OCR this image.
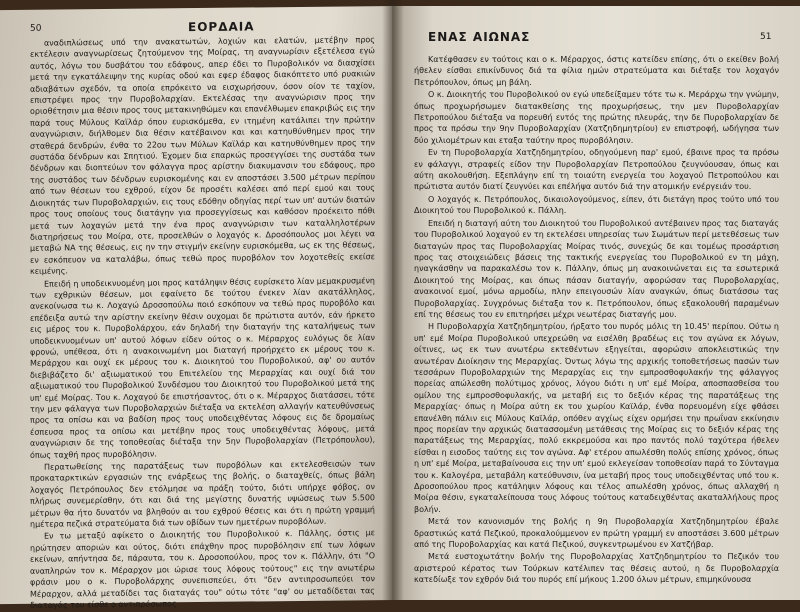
50	ΕΟΡΔΑΙΑ

αναδιπλώσεως υπό την ανακατωτών, λοχιών και ελατών, μετέβην προς εκτέλεσιν αναγνωρίσεως ζητούμενον της Μοίρας, τη αναγνωρίσιν εξετέλεσα εγώ αυτός, λόγω του δυσβάτου του εδάφους, απερ έδει το Πυροβολικόν να διασχίσει μετά την εγκατάλειψην της κυρίας οδού και εφερ έδαφος διακόπτετο υπό ρυακιών αδιαβάτων σχεδόν, τα οποία επρόκειτο να εισχωρήσουν, όσον οίον τε ταχίον, επιστρέψει προς την Πυροβολαρχίαν. Εκτελέσας την αναγνώρισιν προς την οριοθέτησιν μια θέσιν προς τους μετακινηθώμεν και επανέλθωμεν επακριβώς εις την παρά τους Μύλους Καϊλάρ όπου ευρισκόμεθα, εν ιτημένη κατάλιπει την πρώτην αναγνώρισιν, διήλθομεν δια θέσιν κατέβαινον και και κατηυθύνθημεν προς την σταθερά δενδρών, ένθα το 22ου των Μύλων Καϊλάρ και κατηυθύνθημεν προς την συστάδα δένδρων και Σπητιού. Έχομεν δια επαρκώς προσεγγίσει της συστάδα των δένδρων και διοπτεύων τον φάλαγγα προς αρίστην διακυμανσιν του εδάφους, προ της συστάδος των δένδρων ευρισκομένης και εν αποστάσει 3.500 μέτρων περίπου από των θέσεων του εχθρού, είχον δε προσέτι καλέσει από περί εμού και τους Διοικητάς των Πυροβολαρχιών, εις τους εδόθην οδηγίας περί των υπ' αυτών διατών προς τους οποίους τους διατάγην για προσεγγίσεως και καθόσον προέκειτο πόθι μετά των λοχαγών μετά την ένα προς αναγνώρισιν των καταλληλοτέρων διατηρήσεως του Μοίρα, οτε, προσελθών ο λοχαγός κ. Δροσόπουλος μοι λέγει να μεταβώ ΝΑ της θέσεως, εις ην την στιγμήν εκείνην ευρισκόμεθα, ως εκ της θέσεως, εν εσκόπευον να καταλάβω, όπως τεθώ προς πυροβόλον τον λοχοτεθείς εκείσε κειμένης.

Επειδή η υποδεικνυομένη μοι προς κατάληψιν θέσις ευρίσκετο λίαν μεμακρυσμένη των εχθρικών θέσεων, μοι εφαίνετο δε τούτου ένεκεν λίαν ακατάλληλος, ανεκοίνωσα τω κ. Λοχαγώ Δροσοπούλω ποιό εσκόπουν να τεθώ προς πυροβόλο και επέδειξα αυτώ την αρίστην εκείνην θέσιν ουχομαι δε πρώτιστα αυτόν, εάν ήρκετο εις μέρος του κ. Πυροβολάρχου, εάν δηλαδή την διαταγήν της καταλήψεως των υποδεικνυομένων υπ' αυτού λόφων είδεν ούτος ο κ. Μέραρχος ευλόγως δε λίαν φρονώ, υπέθεσα, ότι η ανακοινωμένη μοι διαταγή προήρχετο εκ μέρους του κ. Μεράρχου και ουχί εκ μέρους του κ. Διοικητού του Πυροβολικού, αφ' ου αυτόν διεβιβάζετο δι' αξιωματικού του Επιτελείου της Μεραρχίας και ουχί διά του αξιωματικού του Πυροβολικού Συνδέσμου του Διοικητού του Πυροβολικού μετά της υπ' εμέ Μοίρας. Του κ. Λοχαγού δε επιστήσαντος, ότι ο κ. Μέραρχος διατάσσει, τότε την μεν φάλαγγα των Πυροβολαρχιών διέταξα να εκτελέση αλλαγήν κατευθύνσεως προς τα οπίσω και να βαδίση προς τους υποδειχθέντας λόφους εις δε δρομαίως έσπευσα προς τα οπίσω και μετέβην προς τους υποδειχθέντας λόφους, μετά αναγνώρισιν δε της τοποθεσίας διέταξα την 5ην Πυροβολαρχίαν (Πετρόπουλου), όπως ταχθή προς πυροβόλησιν.

Περατωθείσης της παρατάξεως των πυροβόλων και εκτελεσθεισών των προκαταρκτικών εργασιών της ενάρξεως της βολής, ο διαταχθείς, όπως βάλη λοχαγός Πετρόπουλος δεν ετόλμησε να πράξη τούτο, διότι υπήρχε φόβος, ον πλήρως συνεμερίσθην, ότι και διά της μεγίστης δυνατής υψώσεως των 5.500 μέτρων θα ήτο δυνατόν να βληθούν αι του εχθρού θέσεις και ότι η πρώτη γραμμή ημέτερα πεζικά στρατεύματα διά των οβίδων των ημετέρων πυροβόλων.

Εν τω μεταξύ αφίκετο ο Διοικητής του Πυροβολικού κ. Πάλλης, όστις με ηρώτησεν αποριών και ούτος, διότι επάχθην προς πυροβόλησιν επί των λόφων εκείνων, απήντησα δε, πάραυτα, του κ. Δροσοπούλου, προς τον κ. Πάλλην, ότι "Ο αναπληρών τον κ. Μέραρχον μοι ώρισε τους λόφους τούτους" εις την ανωτέρω φράσιν μου ο κ. Πυροβολάρχης συνεπισπεύει, ότι "δεν αντιπροσωπεύει τον Μέραρχον, αλλά μεταδίδει τας διαταγάς του" ούτω τότε "αφ' ου μεταδίδεται τας διαταγάς του είσθε ο αντιπρόσωπος

ΕΝΑΣ ΑΙΩΝΑΣ	51

Κατέφθασεν εν τούτοις και ο κ. Μέραρχος, όστις κατείδεν επίσης, ότι ο εκείθεν βολή ήθελεν είσθαι επικίνδυνος διά τα φίλια ημών στρατεύματα και διέταξε τον λοχαγόν Πετρόπουλον, όπως μη βάλη.

Ο κ. Διοικητής του Πυροβολικού ον εγώ υπεδείξαμεν τότε τω κ. Μεράρχω την γνώμην, όπως προχωρήσωμεν διατακθείσης της προχωρήσεως, την μεν Πυροβολαρχίαν Πετροπούλου διέταξα να πορευθή εντός της πρώτης πλευράς, την δε Πυροβολαρχίαν δε προς τα πρόσω την 9ην Πυροβολαρχίαν (Χατζηδημητρίου) εν επιστροφή, ωδήγησα των δύο χιλιομέτρων και εταξα ταύτην προς πυροβόλησιν.

Εν τη Πυροβολαρχία Χατζηδημητρίου, οδηγούμενη παρ' εμού, έβαινε προς τα πρόσω εν φάλαγγι, στραφείς είδον την Πυροβολαρχίαν Πετροπούλου ζευγνύουσαν, όπως και αύτη ακολουθήση. Εξεπλάγην επί τη τοιαύτη ενεργεία του λοχαγού Πετροπούλου και πρώτιστα αυτόν διατί ζευγνύει και επέλήψα αυτόν διά την ατομικήν ενέργειάν του.

Ο λοχαγός κ. Πετρόπουλος, δικαιολογούμενος, είπεν, ότι διετάγη προς τούτο υπό του Διοικητού του Πυροβολικού κ. Πάλλη.

Επειδή η διαταγή αύτη του Διοικητού του Πυροβολικού αντέβαινεν προς τας διαταγάς του Πυροβολικού λοχαγού εν τη εκτελέσει υπηρεσίας των Σωμάτων περί μετεθέσεως των διαταγών προς τας Πυροβολαρχίας Μοίρας τινός, συνεχώς δε και τομέως προσάρτιση προς τας στοιχειώδεις βάσεις της τακτικής ενεργείας του Πυροβολικού εν τη μάχη, ηναγκάσθην να παρακαλέσω τον κ. Πάλλην, όπως μη ανακοινώνεται εις τα εσωτερικά Διοικητού της Μοίρας, και όπως πάσαν διαταγήν, αφορώσαν τας Πυροβολαρχίας, ανακοινοί εμοί, μόνω αρμοδίω, πλην επειγουσών λίαν αναγκών, όπως διατάσσω τας Πυροβολαρχίας. Συγχρόνως διέταξα τον κ. Πετρόπουλον, όπως εξακολουθή παραμένων επί της θέσεως του εν επιτηρήσει μέχρι νεωτέρας διαταγής μου.

Η Πυροβολαρχία Χατζηδημητρίου, ήρξατο του πυρός μόλις τη 10.45' περίπου. Ούτω η υπ' εμέ Μοίρα Πυροβολικού υπεχρεώθη να εισέλθη βραδέως εις τον αγώνα εκ λόγων, οίτινες, ως εκ των ανωτέρω εκτεθέντων εξηγείται, αφορώσιν αποκλειστικώς την ανωτέραν Διοίκησιν της Μεραρχίας. Όντως λόγω της αρχικής τοποθετήσεως πασών των τεσσάρων Πυροβολαρχιών της Μεραρχίας εις την εμπροσθοφυλακήν της φάλαγγος πορείας απώλεσθη πολύτιμος χρόνος, λόγου διότι η υπ' εμέ Μοίρα, αποσπασθείσα του ομίλου της εμπροσθοφυλακής, να μεταβή εις το δεξιόν κέρας της παρατάξεως της Μεραρχίας· όπως η Μοίρα αύτη εκ του χωρίου Καϊλάρ, ένθα πορευομένη είχε φθάσει επανέλθη πάλιν εις Μύλους Καϊλάρ, οπόθεν αγχίως είχεν ορμήσει την πρωΐναν εκκίνησιν προς πορείαν την αρχικώς διατασσομένη μετάθεσις της Μοίρας εις το δεξιόν κέρας της παρατάξεως της Μεραρχίας, πολύ εκκρεμούσα και προ παντός πολύ ταχύτερα ήθελεν είσθαι η εισοδος ταύτης εις τον αγώνα. Αφ' ετέρου απωλέσθη πολύς επίσης χρόνος, όπως η υπ' εμέ Μοίρα, μεταβαίνουσα εις την υπ' εμού εκλεγείσαν τοποθεσίαν παρά το Σύνταγμα του κ. Καλογέρα, μεταβάλη κατεύθυνσιν, ίνα μεταβή προς τους υποδειχθέντας υπό του κ. Δροσοπούλου προς κατάληψιν λόφους και τέλος απωλέσθη χρόνος, όπως αλλαχθή η Μοίρα θέσιν, εγκαταλείπουσα τους λόφους τούτους καταδειχθέντας ακαταλλήλους προς βολήν.

Μετά τον κανονισμόν της βολής η 9η Πυροβολαρχία Χατζηδημητρίου έβαλε δραστικώς κατά Πεζικού, προκαλούμμενον εν πρώτη γραμμή εν αποστάσει 3.600 μέτρων από της Πυροβολαρχίας και κατά Πεζικού, συγκεντρωμένου εν Χατζήβαρ.

Μετά ευστοχωτάτην βολήν της Πυροβολαρχίας Χατζηδημητρίου το Πεζικόν του αριστερού κέρατος των Τούρκων κατέλιπεν τας θέσεις αυτού, η δε Πυροβολαρχία κατεδίωξε τον εχθρόν διά του πυρός επί μήκους 1.200 όλων μέτρων, επιμηκύνουσα
